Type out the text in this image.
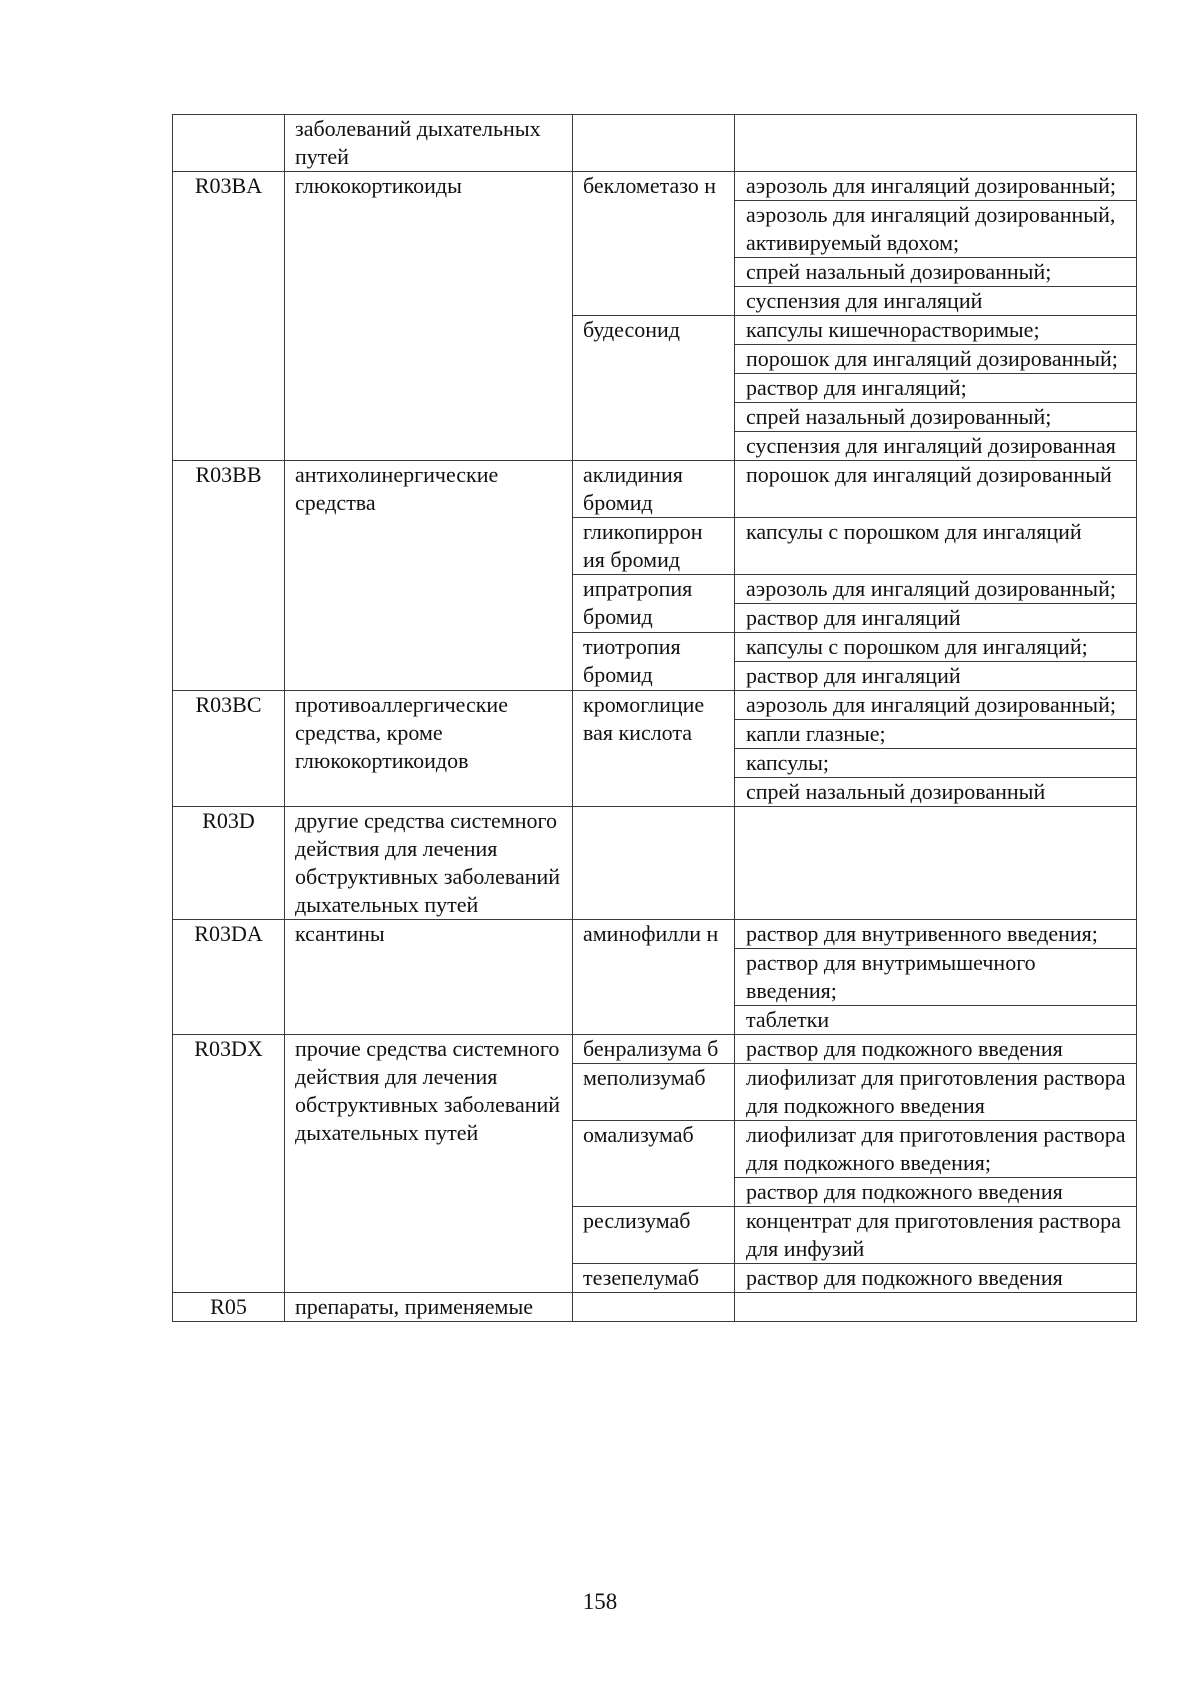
	заболеваний дыхательных путей		
R03BA	глюкокортикоиды	беклометазо н	аэрозоль для ингаляций дозированный;
			аэрозоль для ингаляций дозированный, активируемый вдохом;
			спрей назальный дозированный;
			суспензия для ингаляций
		будесонид	капсулы кишечнорастворимые;
			порошок для ингаляций дозированный;
			раствор для ингаляций;
			спрей назальный дозированный;
			суспензия для ингаляций дозированная
R03BB	антихолинергические средства	аклидиния бромид	порошок для ингаляций дозированный
		гликопиррон ия бромид	капсулы с порошком для ингаляций
		ипратропия бромид	аэрозоль для ингаляций дозированный;
			раствор для ингаляций
		тиотропия бромид	капсулы с порошком для ингаляций;
			раствор для ингаляций
R03BC	противоаллергические средства, кроме глюкокортикоидов	кромоглицие вая кислота	аэрозоль для ингаляций дозированный;
			капли глазные;
			капсулы;
			спрей назальный дозированный
R03D	другие средства системного действия для лечения обструктивных заболеваний дыхательных путей		
R03DA	ксантины	аминофилли н	раствор для внутривенного введения;
			раствор для внутримышечного введения;
			таблетки
R03DX	прочие средства системного действия для лечения обструктивных заболеваний дыхательных путей	бенрализума б	раствор для подкожного введения
		меполизумаб	лиофилизат для приготовления раствора для подкожного введения
		омализумаб	лиофилизат для приготовления раствора для подкожного введения;
			раствор для подкожного введения
		реслизумаб	концентрат для приготовления раствора для инфузий
		тезепелумаб	раствор для подкожного введения
R05	препараты, применяемые		
158
